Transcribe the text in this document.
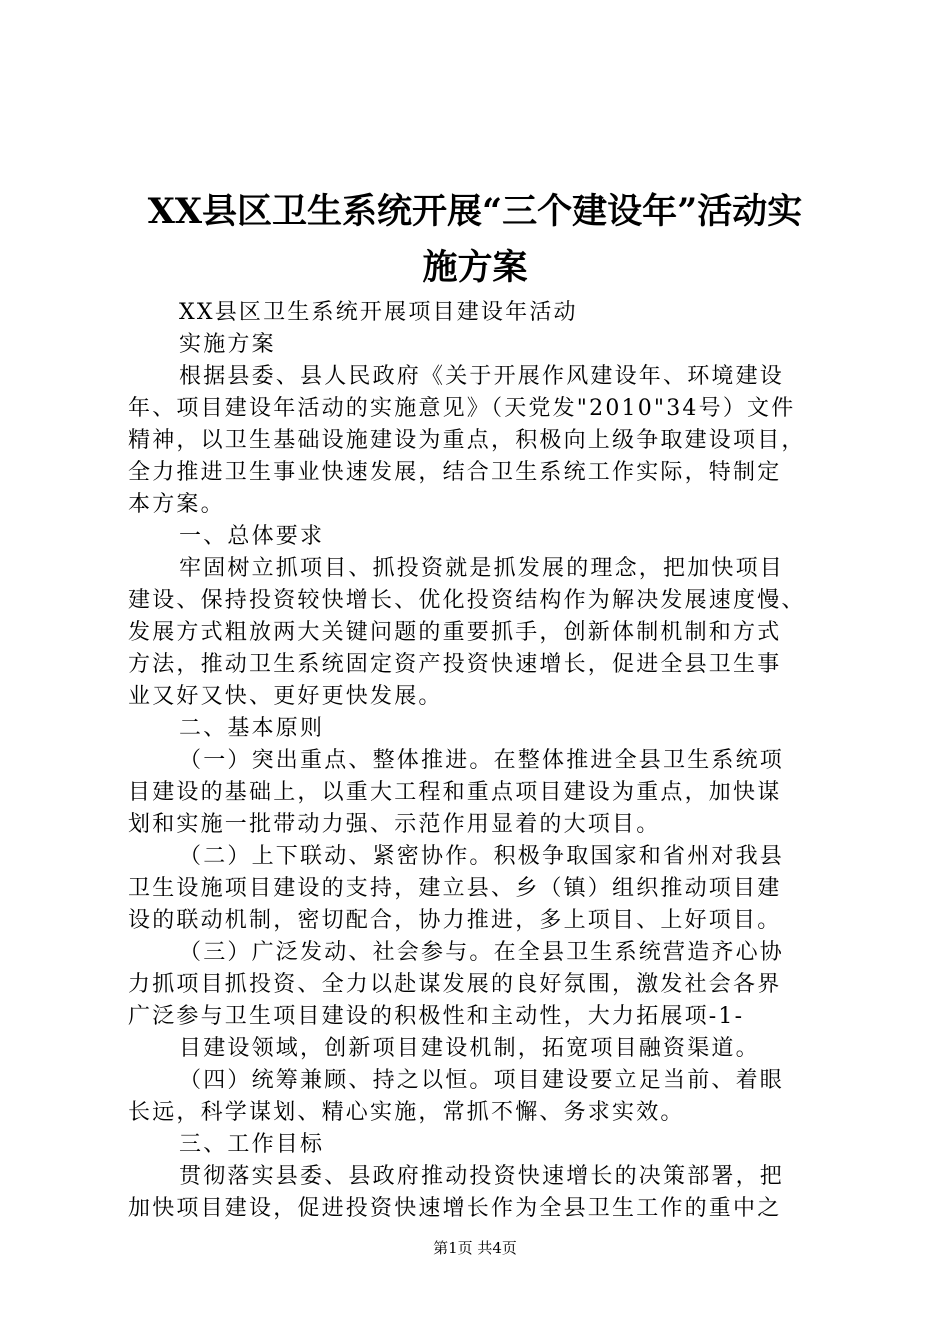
XX县区卫生系统开展“三个建设年”活动实
施方案

XX县区卫生系统开展项目建设年活动

实施方案

根据县委、县人民政府《关于开展作风建设年、环境建设

年、项目建设年活动的实施意见》（天党发"2010"34号）文件

精神，以卫生基础设施建设为重点，积极向上级争取建设项目，

全力推进卫生事业快速发展，结合卫生系统工作实际，特制定

本方案。

一、总体要求

牢固树立抓项目、抓投资就是抓发展的理念，把加快项目

建设、保持投资较快增长、优化投资结构作为解决发展速度慢、

发展方式粗放两大关键问题的重要抓手，创新体制机制和方式

方法，推动卫生系统固定资产投资快速增长，促进全县卫生事

业又好又快、更好更快发展。

二、基本原则

（一）突出重点、整体推进。在整体推进全县卫生系统项

目建设的基础上，以重大工程和重点项目建设为重点，加快谋

划和实施一批带动力强、示范作用显着的大项目。

（二）上下联动、紧密协作。积极争取国家和省州对我县

卫生设施项目建设的支持，建立县、乡（镇）组织推动项目建

设的联动机制，密切配合，协力推进，多上项目、上好项目。

（三）广泛发动、社会参与。在全县卫生系统营造齐心协

力抓项目抓投资、全力以赴谋发展的良好氛围，激发社会各界

广泛参与卫生项目建设的积极性和主动性，大力拓展项-1-

目建设领域，创新项目建设机制，拓宽项目融资渠道。

（四）统筹兼顾、持之以恒。项目建设要立足当前、着眼

长远，科学谋划、精心实施，常抓不懈、务求实效。

三、工作目标

贯彻落实县委、县政府推动投资快速增长的决策部署，把

加快项目建设，促进投资快速增长作为全县卫生工作的重中之

第1页 共4页
